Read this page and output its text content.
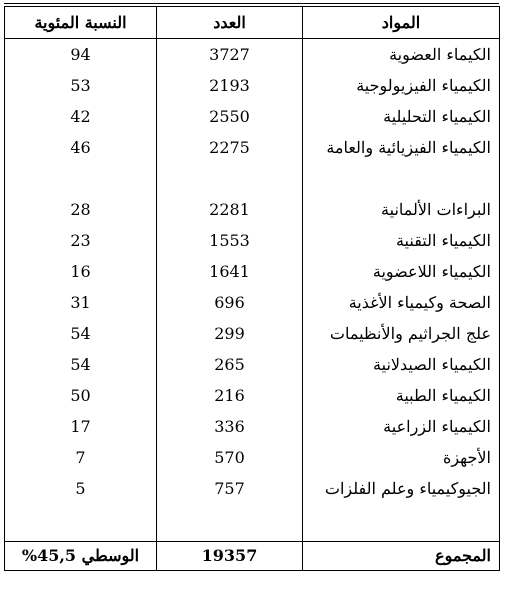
المواد	العدد	النسبة المئوية
الكيماء العضوية	3727	94
الكيمياء الفيزيولوجية	2193	53
الكيمياء التحليلية	2550	42
الكيمياء الفيزيائية والعامة	2275	46
البراءات الألمانية	2281	28
الكيمياء التقنية	1553	23
الكيمياء اللاعضوية	1641	16
الصحة وكيمياء الأغذية	696	31
علج الجراثيم والأنظيمات	299	54
الكيمياء الصيدلانية	265	54
الكيمياء الطبية	216	50
الكيمياء الزراعية	336	17
الأجهزة	570	7
الجيوكيمياء وعلم الفلزات	757	5

المجموع	19357	الوسطي 45,5%
